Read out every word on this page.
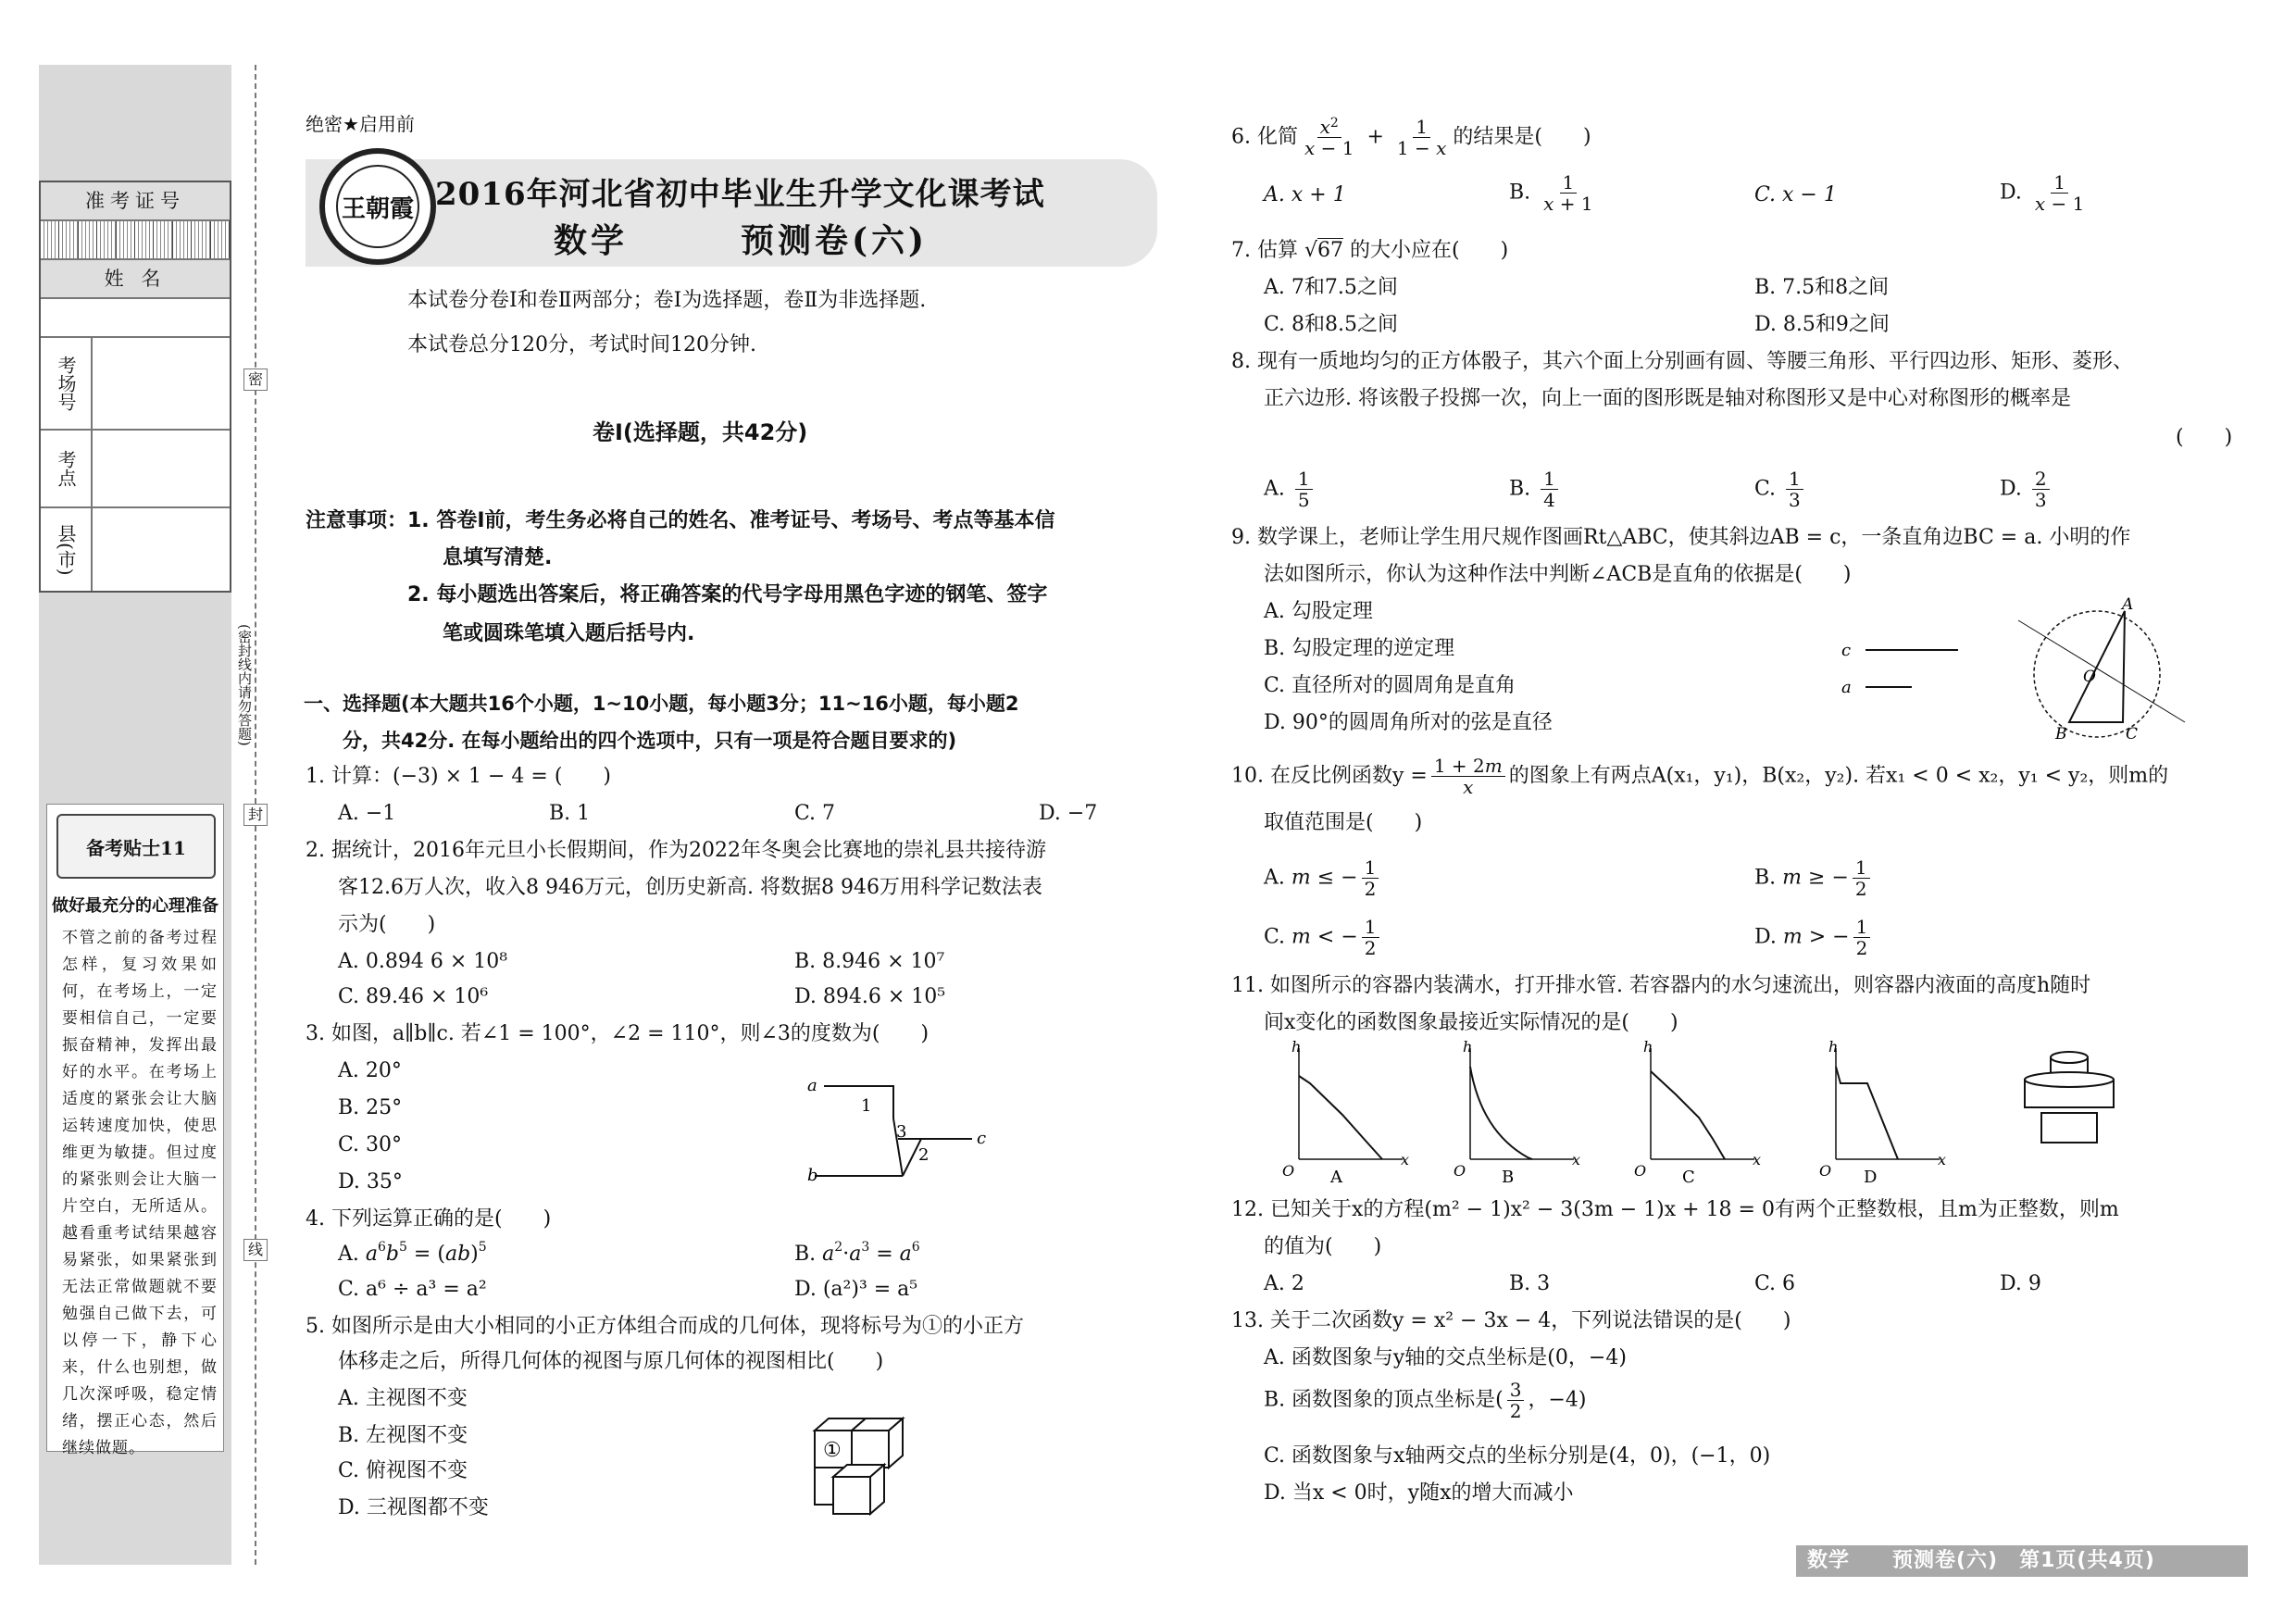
准考证号
姓 名
考场号
考点
县(市)
备考贴士11
做好最充分的心理准备
不管之前的备考过程怎样，复习效果如何，在考场上，一定要相信自己，一定要振奋精神，发挥出最好的水平。在考场上适度的紧张会让大脑运转速度加快，使思维更为敏捷。但过度的紧张则会让大脑一片空白，无所适从。越看重考试结果越容易紧张，如果紧张到无法正常做题就不要勉强自己做下去，可以停一下，静下心来，什么也别想，做几次深呼吸，稳定情绪，摆正心态，然后继续做题。
密
封
线
(密封线内请勿答题)
绝密★启用前
王朝霞 2016年河北省初中毕业生升学文化课考试
数学	预测卷(六)
本试卷分卷Ⅰ和卷Ⅱ两部分；卷Ⅰ为选择题，卷Ⅱ为非选择题.
本试卷总分120分，考试时间120分钟.
卷Ⅰ(选择题，共42分)
注意事项： 1. 答卷Ⅰ前，考生务必将自己的姓名、准考证号、考场号、考点等基本信
息填写清楚.
2. 每小题选出答案后，将正确答案的代号字母用黑色字迹的钢笔、签字
笔或圆珠笔填入题后括号内.
一、选择题(本大题共16个小题，1~10小题，每小题3分；11~16小题，每小题2
分，共42分. 在每小题给出的四个选项中，只有一项是符合题目要求的)
1. 计算：(−3) × 1 − 4 = (　　)
A. −1	B. 1	C. 7	D. −7
2. 据统计，2016年元旦小长假期间，作为2022年冬奥会比赛地的崇礼县共接待游
客12.6万人次，收入8 946万元，创历史新高. 将数据8 946万用科学记数法表
示为(　　)
A. 0.894 6 × 10⁸	B. 8.946 × 10⁷
C. 89.46 × 10⁶	D. 894.6 × 10⁵
3. 如图，a∥b∥c. 若∠1 = 100°，∠2 = 110°，则∠3的度数为(　　)
A. 20°
B. 25°
C. 30°
D. 35°
a
b
c
1
2
3
4. 下列运算正确的是(　　)
A. $a^6b^5 = (ab)^5$	B. $a^2\cdot a^3 = a^6$
C. a⁶ ÷ a³ = a²	D. (a²)³ = a⁵
5. 如图所示是由大小相同的小正方体组合而成的几何体，现将标号为①的小正方
体移走之后，所得几何体的视图与原几何体的视图相比(　　)
A. 主视图不变
B. 左视图不变
C. 俯视图不变
D. 三视图都不变
①
6. 化简 $\frac{x^2}{x - 1} + \frac{1}{1 - x}$ 的结果是(　　)
A. x + 1	B. $\frac{1}{x + 1}$	C. x − 1	D. $\frac{1}{x - 1}$
7. 估算 √67 的大小应在(　　)
A. 7和7.5之间	B. 7.5和8之间
C. 8和8.5之间	D. 8.5和9之间
8. 现有一质地均匀的正方体骰子，其六个面上分别画有圆、等腰三角形、平行四边形、矩形、菱形、
正六边形. 将该骰子投掷一次，向上一面的图形既是轴对称图形又是中心对称图形的概率是
(　　)
A. $\frac{1}{5}$	B. $\frac{1}{4}$	C. $\frac{1}{3}$	D. $\frac{2}{3}$
9. 数学课上，老师让学生用尺规作图画Rt△ABC，使其斜边AB = c，一条直角边BC = a. 小明的作
法如图所示，你认为这种作法中判断∠ACB是直角的依据是(　　)
A. 勾股定理
B. 勾股定理的逆定理
C. 直径所对的圆周角是直角
D. 90°的圆周角所对的弦是直径
c
a
A
B	C
O
10. 在反比例函数$y = \frac{1 + 2m}{x}$ 的图象上有两点A(x₁，y₁)，B(x₂，y₂). 若x₁ < 0 < x₂，y₁ < y₂，则m的
取值范围是(　　)
A. m ≤ − $\frac{1}{2}$	B. m ≥ − $\frac{1}{2}$
C. m < − $\frac{1}{2}$	D. m > − $\frac{1}{2}$
11. 如图所示的容器内装满水，打开排水管. 若容器内的水匀速流出，则容器内液面的高度h随时
间x变化的函数图象最接近实际情况的是(　　)
h
x
O A
h
x
O B
h
x
O C
h
x
O D
12. 已知关于x的方程(m² − 1)x² − 3(3m − 1)x + 18 = 0有两个正整数根，且m为正整数，则m
的值为(　　)
A. 2	B. 3	C. 6	D. 9
13. 关于二次函数y = x² − 3x − 4，下列说法错误的是(　　)
A. 函数图象与y轴的交点坐标是(0，−4)
B. 函数图象的顶点坐标是( $\frac{3}{2}$ ，−4)
C. 函数图象与x轴两交点的坐标分别是(4，0)，(−1，0)
D. 当x < 0时，y随x的增大而减小
数学　　预测卷(六)　第1页(共4页)
